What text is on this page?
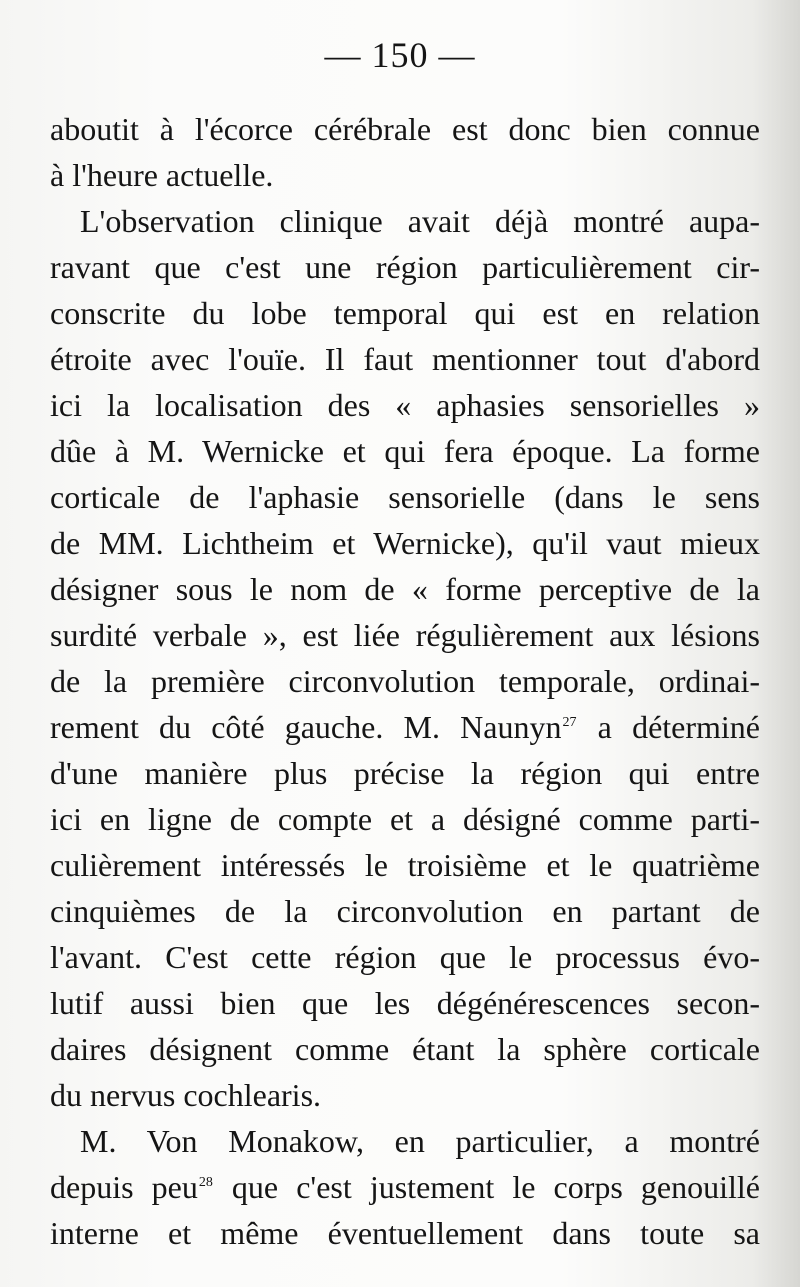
— 150 —
aboutit à l'écorce cérébrale est donc bien connue
à l'heure actuelle.
L'observation clinique avait déjà montré aupa-
ravant que c'est une région particulièrement cir-
conscrite du lobe temporal qui est en relation
étroite avec l'ouïe. Il faut mentionner tout d'abord
ici la localisation des « aphasies sensorielles »
dûe à M. Wernicke et qui fera époque. La forme
corticale de l'aphasie sensorielle (dans le sens
de MM. Lichtheim et Wernicke), qu'il vaut mieux
désigner sous le nom de « forme perceptive de la
surdité verbale », est liée régulièrement aux lésions
de la première circonvolution temporale, ordinai-
rement du côté gauche. M. Naunyn$^{27}$ a déterminé
d'une manière plus précise la région qui entre
ici en ligne de compte et a désigné comme parti-
culièrement intéressés le troisième et le quatrième
cinquièmes de la circonvolution en partant de
l'avant. C'est cette région que le processus évo-
lutif aussi bien que les dégénérescences secon-
daires désignent comme étant la sphère corticale
du nervus cochlearis.
M. Von Monakow, en particulier, a montré
depuis peu$^{28}$ que c'est justement le corps genouillé
interne et même éventuellement dans toute sa
